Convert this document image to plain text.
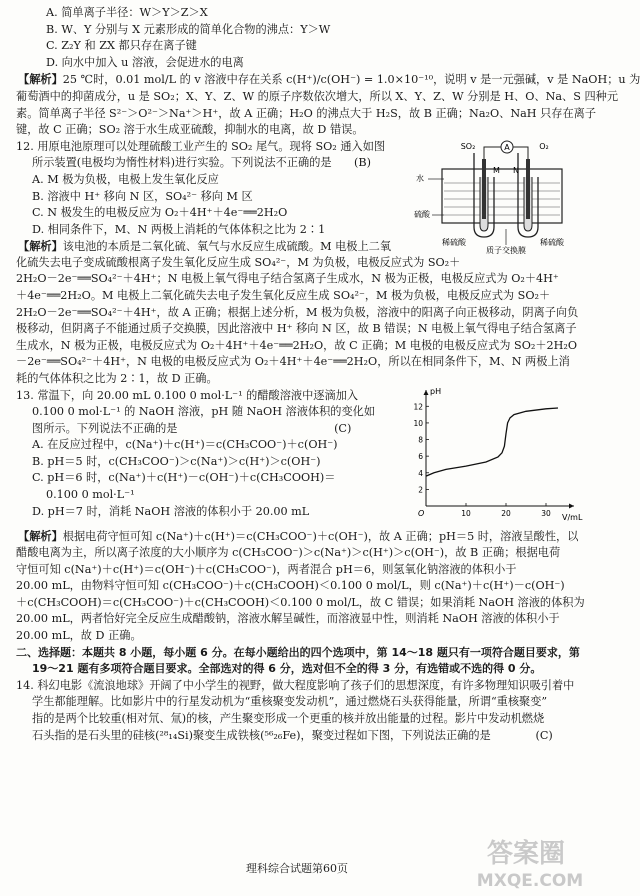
A. 简单离子半径：W＞Y＞Z＞X
B. W、Y 分别与 X 元素形成的简单化合物的沸点：Y＞W
C. Z₂Y 和 ZX 都只存在离子键
D. 向水中加入 u 溶液，会促进水的电离
【解析】25 ℃时，0.01 mol/L 的 v 溶液中存在关系 c(H⁺)/c(OH⁻) = 1.0×10⁻¹⁰，说明 v 是一元强碱，v 是 NaOH；u 为
葡萄酒中的抑菌成分，u 是 SO₂；X、Y、Z、W 的原子序数依次增大，所以 X、Y、Z、W 分别是 H、O、Na、S 四种元
素。简单离子半径 S²⁻＞O²⁻＞Na⁺＞H⁺，故 A 正确；H₂O 的沸点大于 H₂S，故 B 正确；Na₂O、NaH 只存在离子
键，故 C 正确；SO₂ 溶于水生成亚硫酸，抑制水的电离，故 D 错误。
12. 用原电池原理可以处理硫酸工业产生的 SO₂ 尾气。现将 SO₂ 通入如图
所示装置(电极均为惰性材料)进行实验。下列说法不正确的是　　(B)
A. M 极为负极，电极上发生氧化反应
B. 溶液中 H⁺ 移向 N 区，SO₄²⁻ 移向 M 区
C. N 极发生的电极反应为 O₂＋4H⁺＋4e⁻══2H₂O
D. 相同条件下，M、N 两极上消耗的气体体积之比为 2∶1
【解析】该电池的本质是二氧化硫、氧气与水反应生成硫酸。M 电极上二氧
A
SO₂	O₂
M N
水
硫酸
稀硫酸	稀硫酸
质子交换膜
化硫失去电子变成硫酸根离子发生氧化反应生成 SO₄²⁻，M 为负极，电极反应式为 SO₂＋
2H₂O－2e⁻══SO₄²⁻＋4H⁺；N 电极上氧气得电子结合氢离子生成水，N 极为正极，电极反应式为 O₂＋4H⁺
＋4e⁻══2H₂O。M 电极上二氧化硫失去电子发生氧化反应生成 SO₄²⁻，M 极为负极，电极反应式为 SO₂＋
2H₂O－2e⁻══SO₄²⁻＋4H⁺，故 A 正确；根据上述分析，M 极为负极，溶液中的阳离子向正极移动，阴离子向负
极移动，但阴离子不能通过质子交换膜，因此溶液中 H⁺ 移向 N 区，故 B 错误；N 电极上氧气得电子结合氢离子
生成水，N 极为正极，电极反应式为 O₂＋4H⁺＋4e⁻══2H₂O，故 C 正确；M 电极的电极反应式为 SO₂＋2H₂O
－2e⁻══SO₄²⁻＋4H⁺，N 电极的电极反应式为 O₂＋4H⁺＋4e⁻══2H₂O，所以在相同条件下，M、N 两极上消
耗的气体体积之比为 2∶1，故 D 正确。
13. 常温下，向 20.00 mL 0.100 0 mol·L⁻¹ 的醋酸溶液中逐滴加入
0.100 0 mol·L⁻¹ 的 NaOH 溶液，pH 随 NaOH 溶液体积的变化如
图所示。下列说法不正确的是　　　　　　　　　　　　　　(C)
A. 在反应过程中，c(Na⁺)＋c(H⁺)＝c(CH₃COO⁻)＋c(OH⁻)
B. pH＝5 时，c(CH₃COO⁻)＞c(Na⁺)＞c(H⁺)＞c(OH⁻)
C. pH＝6 时，c(Na⁺)＋c(H⁺)－c(OH⁻)＋c(CH₃COOH)＝
0.100 0 mol·L⁻¹
D. pH＝7 时，消耗 NaOH 溶液的体积小于 20.00 mL
pH
V/mL
O
2
4
6
8
10
12
10	20	30
【解析】根据电荷守恒可知 c(Na⁺)＋c(H⁺)＝c(CH₃COO⁻)＋c(OH⁻)，故 A 正确；pH＝5 时，溶液呈酸性，以
醋酸电离为主，所以离子浓度的大小顺序为 c(CH₃COO⁻)＞c(Na⁺)＞c(H⁺)＞c(OH⁻)，故 B 正确；根据电荷
守恒可知 c(Na⁺)＋c(H⁺)＝c(OH⁻)＋c(CH₃COO⁻)，两者混合 pH＝6，则氢氧化钠溶液的体积小于
20.00 mL，由物料守恒可知 c(CH₃COO⁻)＋c(CH₃COOH)＜0.100 0 mol/L，则 c(Na⁺)＋c(H⁺)－c(OH⁻)
＋c(CH₃COOH)＝c(CH₃COO⁻)＋c(CH₃COOH)＜0.100 0 mol/L，故 C 错误；如果消耗 NaOH 溶液的体积为
20.00 mL，两者恰好完全反应生成醋酸钠，溶液水解呈碱性，而溶液显中性，则消耗 NaOH 溶液的体积小于
20.00 mL，故 D 正确。
二、选择题：本题共 8 小题，每小题 6 分。在每小题给出的四个选项中，第 14～18 题只有一项符合题目要求，第
19～21 题有多项符合题目要求。全部选对的得 6 分，选对但不全的得 3 分，有选错或不选的得 0 分。
14. 科幻电影《流浪地球》开阔了中小学生的视野，做大程度影响了孩子们的思想深度，有许多物理知识吸引着中
学生都能理解。比如影片中的行星发动机为“重核聚变发动机”，通过燃烧石头获得能量，所谓“重核聚变”
指的是两个比较重(相对氘、氚)的核，产生聚变形成一个更重的核并放出能量的过程。影片中发动机燃烧
石头指的是石头里的硅核(²⁸₁₄Si)聚变生成铁核(⁵⁶₂₆Fe)，聚变过程如下图，下列说法正确的是　　　　(C)
理科综合试题第60页	答案圈
MXQE.COM
